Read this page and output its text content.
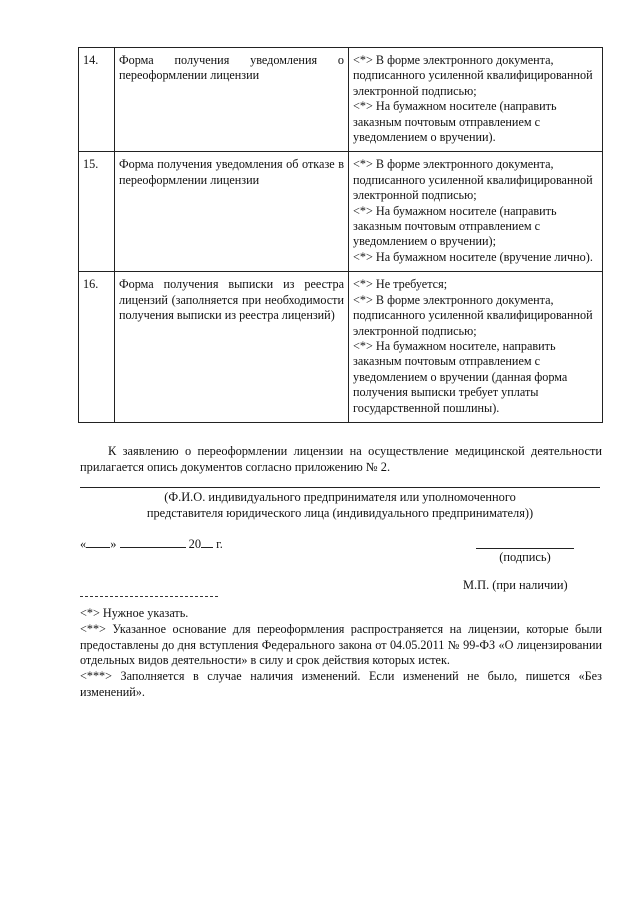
14.	Форма получения уведомления о переоформлении лицензии	<*> В форме электронного документа, подписанного усиленной квалифицированной электронной подписью;
<*> На бумажном носителе (направить заказным почтовым отправлением с уведомлением о вручении).

15.	Форма получения уведомления об отказе в переоформлении лицензии	<*> В форме электронного документа, подписанного усиленной квалифицированной электронной подписью;
<*> На бумажном носителе (направить заказным почтовым отправлением с уведомлением о вручении);
<*> На бумажном носителе (вручение лично).

16.	Форма получения выписки из реестра лицензий (заполняется при необходимости получения выписки из реестра лицензий)	<*> Не требуется;
<*> В форме электронного документа, подписанного усиленной квалифицированной электронной подписью;
<*> На бумажном носителе, направить заказным почтовым отправлением с уведомлением о вручении (данная форма получения выписки требует уплаты государственной пошлины).
К заявлению о переоформлении лицензии на осуществление медицинской деятельности прилагается опись документов согласно приложению № 2.
(Ф.И.О. индивидуального предпринимателя или уполномоченного
представителя юридического лица (индивидуального предпринимателя))
« »	20 г.
(подпись)
М.П. (при наличии)

<*> Нужное указать.

<**> Указанное основание для переоформления распространяется на лицензии, которые были предоставлены до дня вступления Федерального закона от 04.05.2011 № 99-ФЗ «О лицензировании отдельных видов деятельности» в силу и срок действия которых истек.

<***> Заполняется в случае наличия изменений. Если изменений не было, пишется «Без изменений».
